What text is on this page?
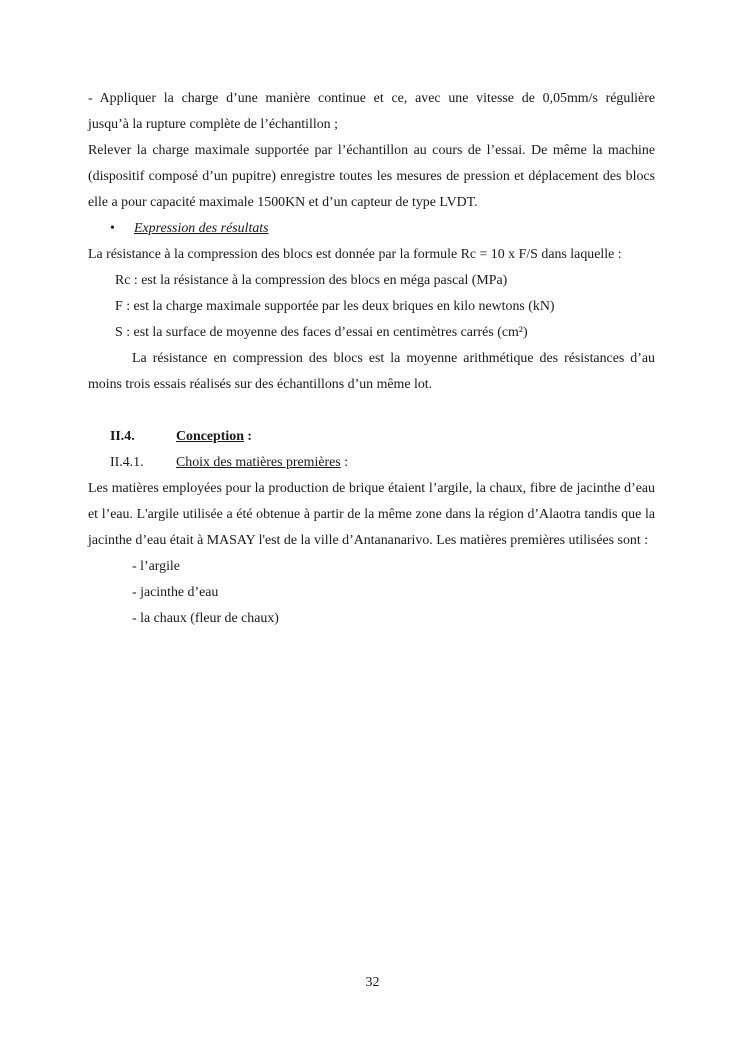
- Appliquer la charge d’une manière continue et ce, avec une vitesse de 0,05mm/s régulière

jusqu’à la rupture complète de l’échantillon ;

Relever la charge maximale supportée par l’échantillon au cours de l’essai. De même la machine (dispositif composé d’un pupitre) enregistre toutes les mesures de pression et déplacement des blocs elle a pour capacité maximale 1500KN et d’un capteur de type LVDT.

• Expression des résultats

La résistance à la compression des blocs est donnée par la formule Rc = 10 x F/S dans laquelle :

Rc : est la résistance à la compression des blocs en méga pascal (MPa)

F : est la charge maximale supportée par les deux briques en kilo newtons (kN)

S : est la surface de moyenne des faces d’essai en centimètres carrés (cm²)

La résistance en compression des blocs est la moyenne arithmétique des résistances d’au moins trois essais réalisés sur des échantillons d’un même lot.

II.4.	Conception :
II.4.1. Choix des matières premières :

Les matières employées pour la production de brique étaient l’argile, la chaux, fibre de jacinthe d’eau et l’eau. L'argile utilisée a été obtenue à partir de la même zone dans la région d’Alaotra tandis que la jacinthe d’eau était à MASAY l'est de la ville d’Antananarivo. Les matières premières utilisées sont :

- l’argile

- jacinthe d’eau

- la chaux (fleur de chaux)

32
